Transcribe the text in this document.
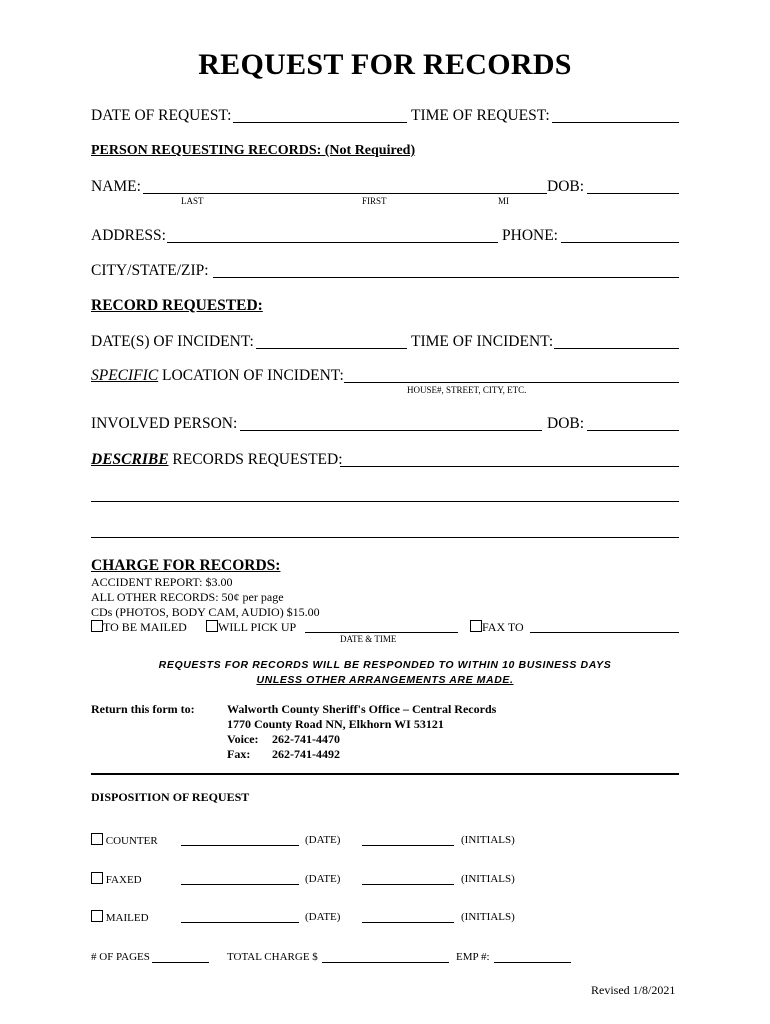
REQUEST FOR RECORDS
DATE OF REQUEST:	TIME OF REQUEST:
PERSON REQUESTING RECORDS: (Not Required)
NAME:	DOB:
LAST	FIRST	MI
ADDRESS:	PHONE:
CITY/STATE/ZIP:
RECORD REQUESTED:
DATE(S) OF INCIDENT:	TIME OF INCIDENT:
SPECIFIC LOCATION OF INCIDENT:
HOUSE#, STREET, CITY, ETC.
INVOLVED PERSON:	DOB:
DESCRIBE RECORDS REQUESTED:
CHARGE FOR RECORDS:
ACCIDENT REPORT: $3.00
ALL OTHER RECORDS: 50¢ per page
CDs (PHOTOS, BODY CAM, AUDIO) $15.00
TO BE MAILED	WILL PICK UP	FAX TO
DATE & TIME
REQUESTS FOR RECORDS WILL BE RESPONDED TO WITHIN 10 BUSINESS DAYS
UNLESS OTHER ARRANGEMENTS ARE MADE.
Return this form to:	Walworth County Sheriff's Office – Central Records
1770 County Road NN, Elkhorn WI 53121
Voice: 262-741-4470
Fax: 262-741-4492
DISPOSITION OF REQUEST
COUNTER	(DATE)	(INITIALS)
FAXED	(DATE)	(INITIALS)
MAILED	(DATE)	(INITIALS)
# OF PAGES	TOTAL CHARGE $	EMP #:
Revised 1/8/2021
